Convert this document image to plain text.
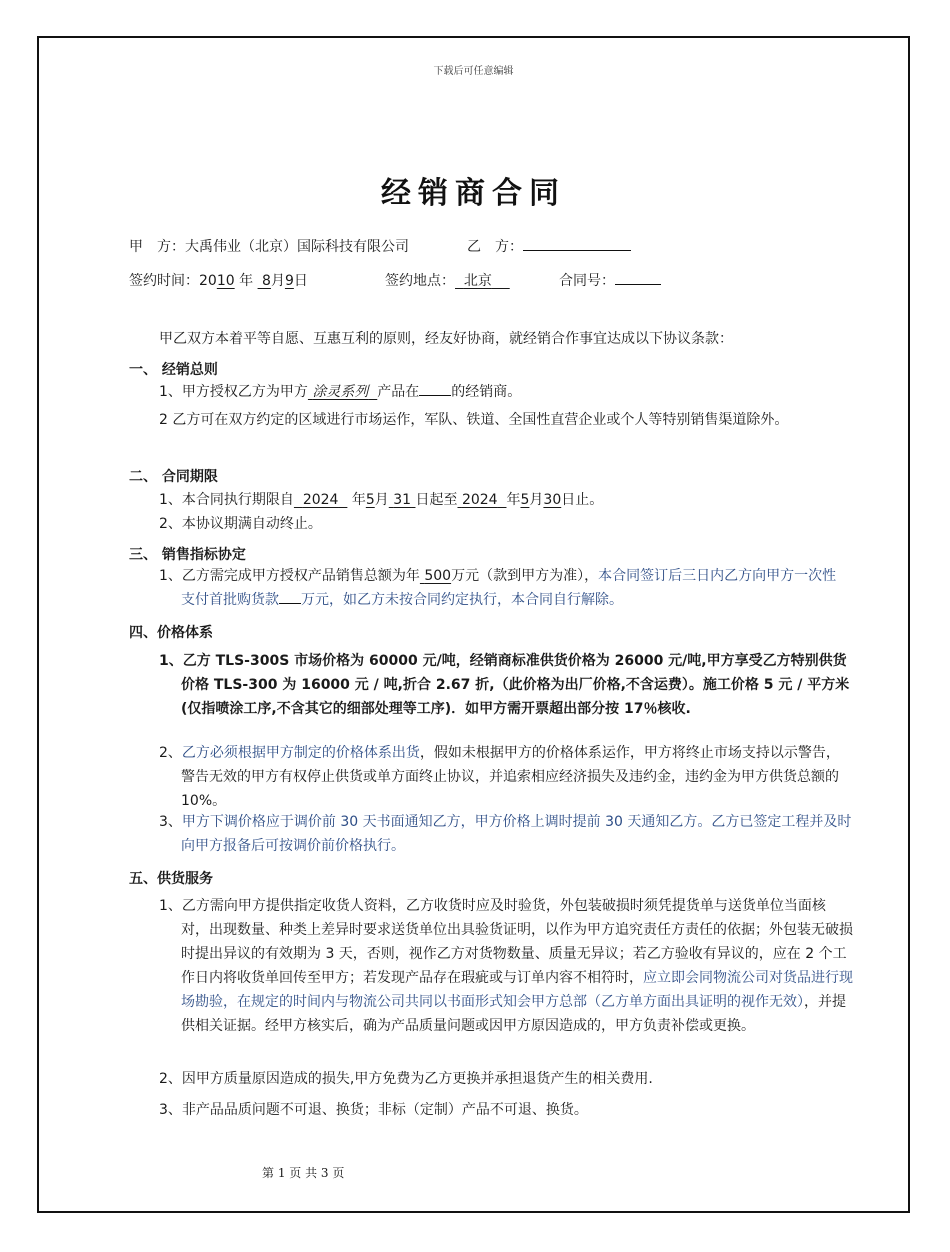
下载后可任意编辑
经销商合同
甲　方：大禹伟业（北京）国际科技有限公司	乙　方：
签约时间：2010 年  8月9日	签约地点： 北京	合同号：
甲乙双方本着平等自愿、互惠互利的原则，经友好协商，就经销合作事宜达成以下协议条款：
一、 经销总则
1、甲方授权乙方为甲方 涂灵系列 产品在 的经销商。
2 乙方可在双方约定的区域进行市场运作，军队、铁道、全国性直营企业或个人等特别销售渠道除外。
二、 合同期限
1、本合同执行期限自 2024 年5月 31 日起至 2024 年5月30日止。
2、本协议期满自动终止。
三、 销售指标协定
1、乙方需完成甲方授权产品销售总额为年 500万元（款到甲方为准），本合同签订后三日内乙方向甲方一次性支付首批购货款 万元，如乙方未按合同约定执行，本合同自行解除。
四、价格体系
1、乙方 TLS-300S 市场价格为 60000 元/吨，经销商标准供货价格为 26000 元/吨,甲方享受乙方特别供货价格 TLS-300 为 16000 元 / 吨,折合 2.67 折,（此价格为出厂价格,不含运费）。施工价格 5 元 / 平方米(仅指喷涂工序,不含其它的细部处理等工序)．如甲方需开票超出部分按 17％核收.
2、乙方必须根据甲方制定的价格体系出货，假如未根据甲方的价格体系运作，甲方将终止市场支持以示警告，警告无效的甲方有权停止供货或单方面终止协议，并追索相应经济损失及违约金，违约金为甲方供货总额的 10%。
3、甲方下调价格应于调价前 30 天书面通知乙方，甲方价格上调时提前 30 天通知乙方。乙方已签定工程并及时向甲方报备后可按调价前价格执行。
五、供货服务
1、乙方需向甲方提供指定收货人资料，乙方收货时应及时验货，外包装破损时须凭提货单与送货单位当面核对，出现数量、种类上差异时要求送货单位出具验货证明，以作为甲方追究责任方责任的依据；外包装无破损时提出异议的有效期为 3 天，否则，视作乙方对货物数量、质量无异议；若乙方验收有异议的，应在 2 个工作日内将收货单回传至甲方；若发现产品存在瑕疵或与订单内容不相符时，应立即会同物流公司对货品进行现场勘验，在规定的时间内与物流公司共同以书面形式知会甲方总部（乙方单方面出具证明的视作无效），并提供相关证据。经甲方核实后，确为产品质量问题或因甲方原因造成的，甲方负责补偿或更换。
2、因甲方质量原因造成的损失,甲方免费为乙方更换并承担退货产生的相关费用.
3、非产品品质问题不可退、换货；非标（定制）产品不可退、换货。
第 1 页 共 3 页
